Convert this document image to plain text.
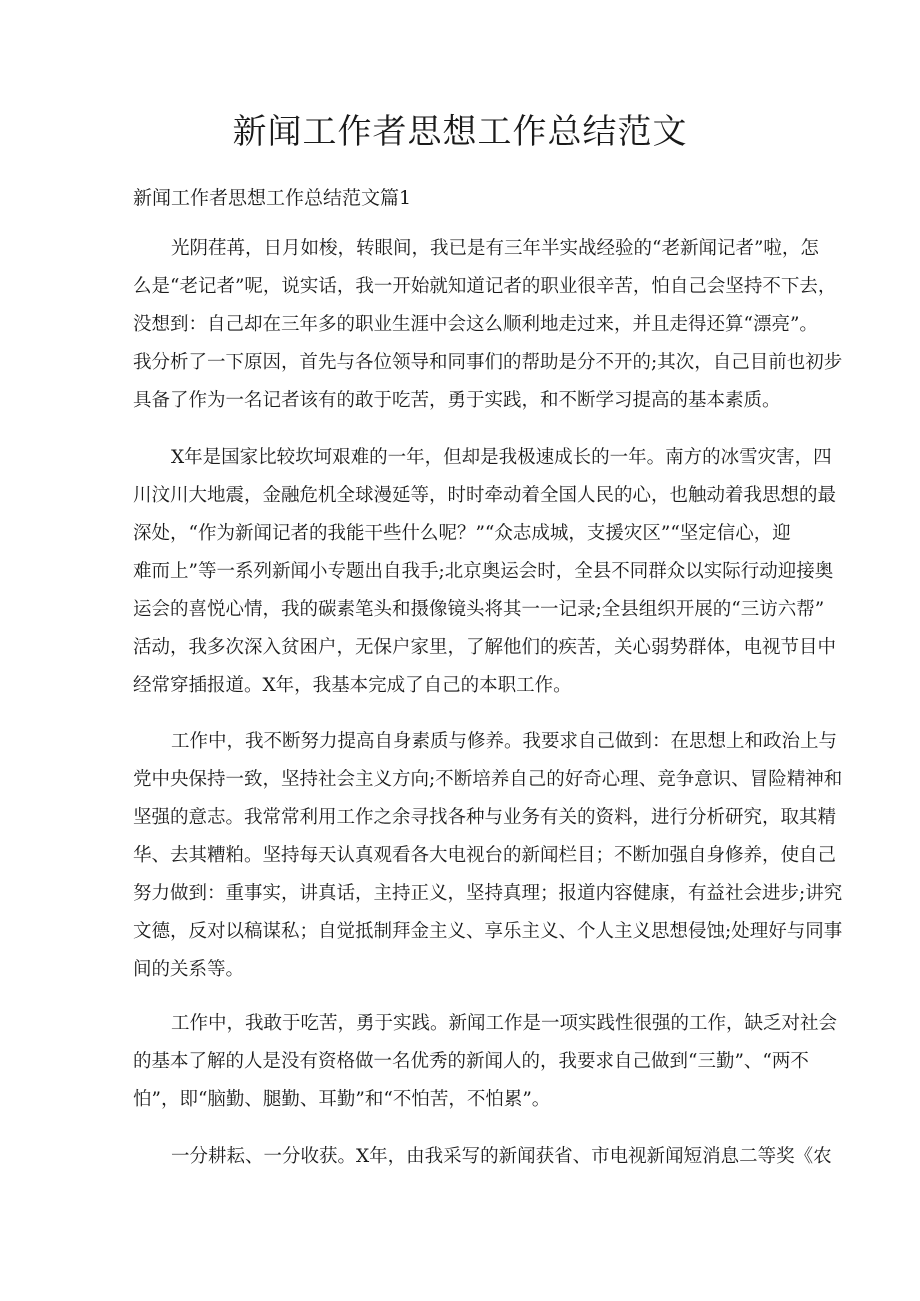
新闻工作者思想工作总结范文
新闻工作者思想工作总结范文篇1

光阴荏苒，日月如梭，转眼间，我已是有三年半实战经验的“老新闻记者”啦，怎
么是“老记者”呢，说实话，我一开始就知道记者的职业很辛苦，怕自己会坚持不下去，
没想到：自己却在三年多的职业生涯中会这么顺利地走过来，并且走得还算“漂亮”。
我分析了一下原因，首先与各位领导和同事们的帮助是分不开的;其次，自己目前也初步
具备了作为一名记者该有的敢于吃苦，勇于实践，和不断学习提高的基本素质。

X年是国家比较坎坷艰难的一年，但却是我极速成长的一年。南方的冰雪灾害，四
川汶川大地震，金融危机全球漫延等，时时牵动着全国人民的心，也触动着我思想的最
深处，“作为新闻记者的我能干些什么呢？”“众志成城，支援灾区”“坚定信心，迎
难而上”等一系列新闻小专题出自我手;北京奥运会时，全县不同群众以实际行动迎接奥
运会的喜悦心情，我的碳素笔头和摄像镜头将其一一记录;全县组织开展的“三访六帮”
活动，我多次深入贫困户，无保户家里，了解他们的疾苦，关心弱势群体，电视节目中
经常穿插报道。X年，我基本完成了自己的本职工作。

工作中，我不断努力提高自身素质与修养。我要求自己做到：在思想上和政治上与
党中央保持一致，坚持社会主义方向;不断培养自己的好奇心理、竞争意识、冒险精神和
坚强的意志。我常常利用工作之余寻找各种与业务有关的资料，进行分析研究，取其精
华、去其糟粕。坚持每天认真观看各大电视台的新闻栏目；不断加强自身修养，使自己
努力做到：重事实，讲真话，主持正义，坚持真理；报道内容健康，有益社会进步;讲究
文德，反对以稿谋私；自觉抵制拜金主义、享乐主义、个人主义思想侵蚀;处理好与同事
间的关系等。

工作中，我敢于吃苦，勇于实践。新闻工作是一项实践性很强的工作，缺乏对社会
的基本了解的人是没有资格做一名优秀的新闻人的，我要求自己做到“三勤”、“两不
怕”，即“脑勤、腿勤、耳勤”和“不怕苦，不怕累”。

一分耕耘、一分收获。X年，由我采写的新闻获省、市电视新闻短消息二等奖《农
